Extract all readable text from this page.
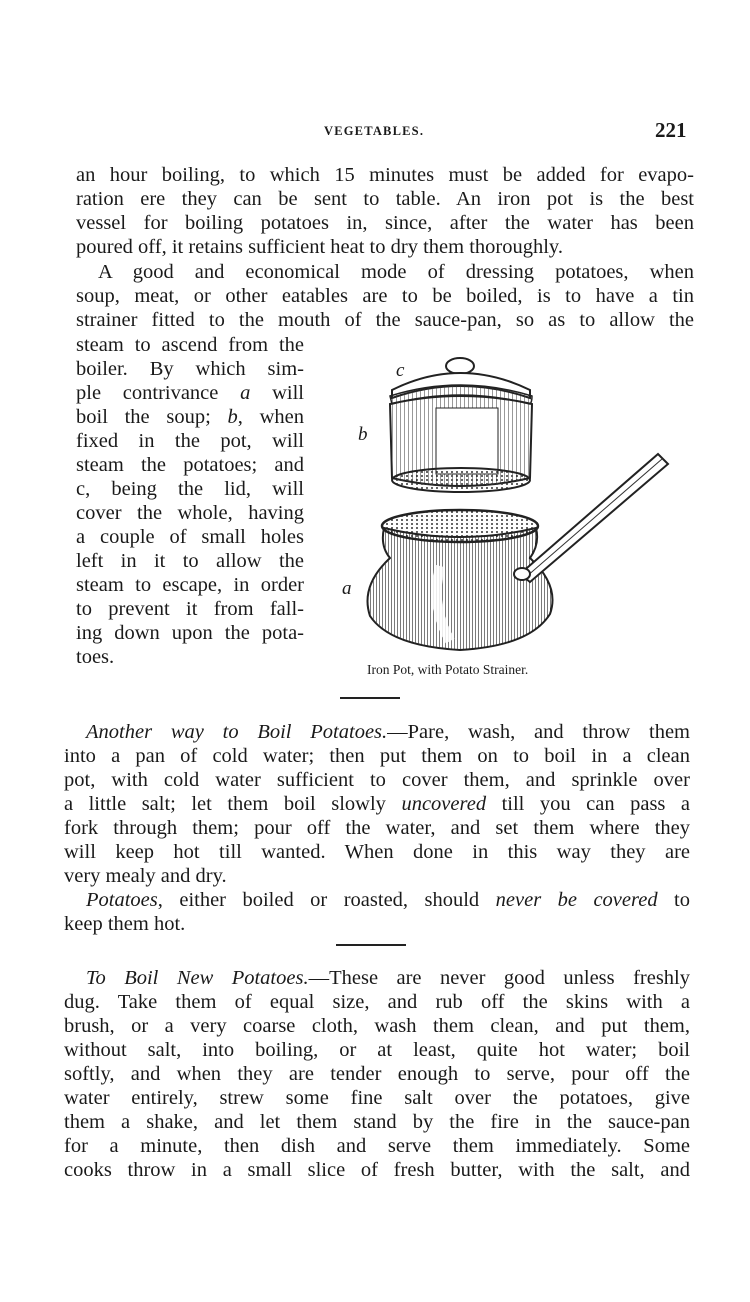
VEGETABLES.	221
an hour boiling, to which 15 minutes must be added for evapo-
ration ere they can be sent to table. An iron pot is the best
vessel for boiling potatoes in, since, after the water has been
poured off, it retains sufficient heat to dry them thoroughly.
A good and economical mode of dressing potatoes, when
soup, meat, or other eatables are to be boiled, is to have a tin
strainer fitted to the mouth of the sauce-pan, so as to allow the
steam to ascend from the
boiler. By which sim-
ple contrivance a will
boil the soup; b, when
fixed in the pot, will
steam the potatoes; and
c, being the lid, will
cover the whole, having
a couple of small holes
left in it to allow the
steam to escape, in order
to prevent it from fall-
ing down upon the pota-
toes.
c
b
a
Iron Pot, with Potato Strainer.
Another way to Boil Potatoes.—Pare, wash, and throw them
into a pan of cold water; then put them on to boil in a clean
pot, with cold water sufficient to cover them, and sprinkle over
a little salt; let them boil slowly uncovered till you can pass a
fork through them; pour off the water, and set them where they
will keep hot till wanted. When done in this way they are
very mealy and dry.
Potatoes, either boiled or roasted, should never be covered to
keep them hot.
To Boil New Potatoes.—These are never good unless freshly
dug. Take them of equal size, and rub off the skins with a
brush, or a very coarse cloth, wash them clean, and put them,
without salt, into boiling, or at least, quite hot water; boil
softly, and when they are tender enough to serve, pour off the
water entirely, strew some fine salt over the potatoes, give
them a shake, and let them stand by the fire in the sauce-pan
for a minute, then dish and serve them immediately. Some
cooks throw in a small slice of fresh butter, with the salt, and
